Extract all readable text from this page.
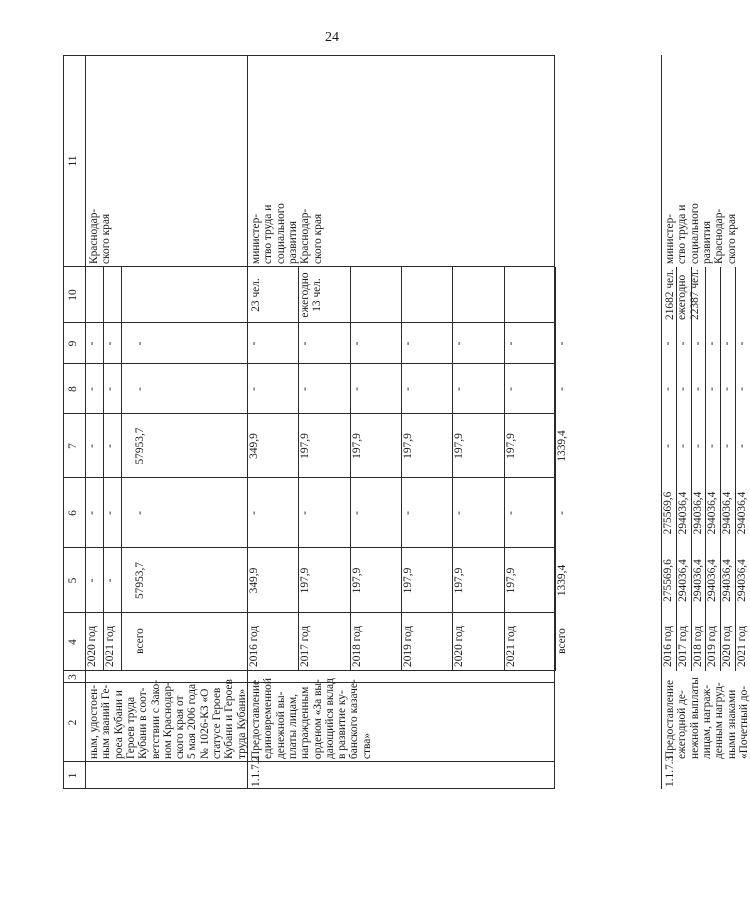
24
1
2
3
4
5
6
7
8
9
10
11
ным, удостоен- ным званий Ге- роеа Кубани и Героев труда Кубани в соот- ветствии с Зако- ном Краснодар- ского края от 5 мая 2006 года № 1026-КЗ «О статусе Героев Кубани и Героев труда Кубани»
2020 год
-
-
-
-
-
2021 год
-
-
-
-
-
всего
57953,7
-
57953,7
-
-
Краснодар- ского края
1.1.7.2
Предоставление единовременной денежной вы- платы лицам, награжденным орденом «За вы- дающийся вклад в развитие ку- банского казаче- ства»
2016 год
349,9
-
349,9
-
-
2017 год
197,9
-
197,9
-
-
2018 год
197,9
-
197,9
-
-
2019 год
197,9
-
197,9
-
-
2020 год
197,9
-
197,9
-
-
2021 год
197,9
-
197,9
-
-
всего
1339,4
-
1339,4
-
-
23 чел.	ежегодно 13 чел.
министер- ство труда и социального развития Краснодар- ского края
1.1.7.3
Предоставление ежегодной де- нежной выплаты лицам, награж- денным нагруд- ными знаками «Почетный до-
2016 год
275569,6
275569,6
-
-
-
2017 год
294036,4
294036,4
-
-
-
2018 год
294036,4
294036,4
-
-
-
2019 год
294036,4
294036,4
-
-
-
2020 год
294036,4
294036,4
-
-
-
2021 год
294036,4
294036,4
-
-
-
21682 чел. ежегодно 22387 чел.
министер- ство труда и социального развития Краснодар- ского края
